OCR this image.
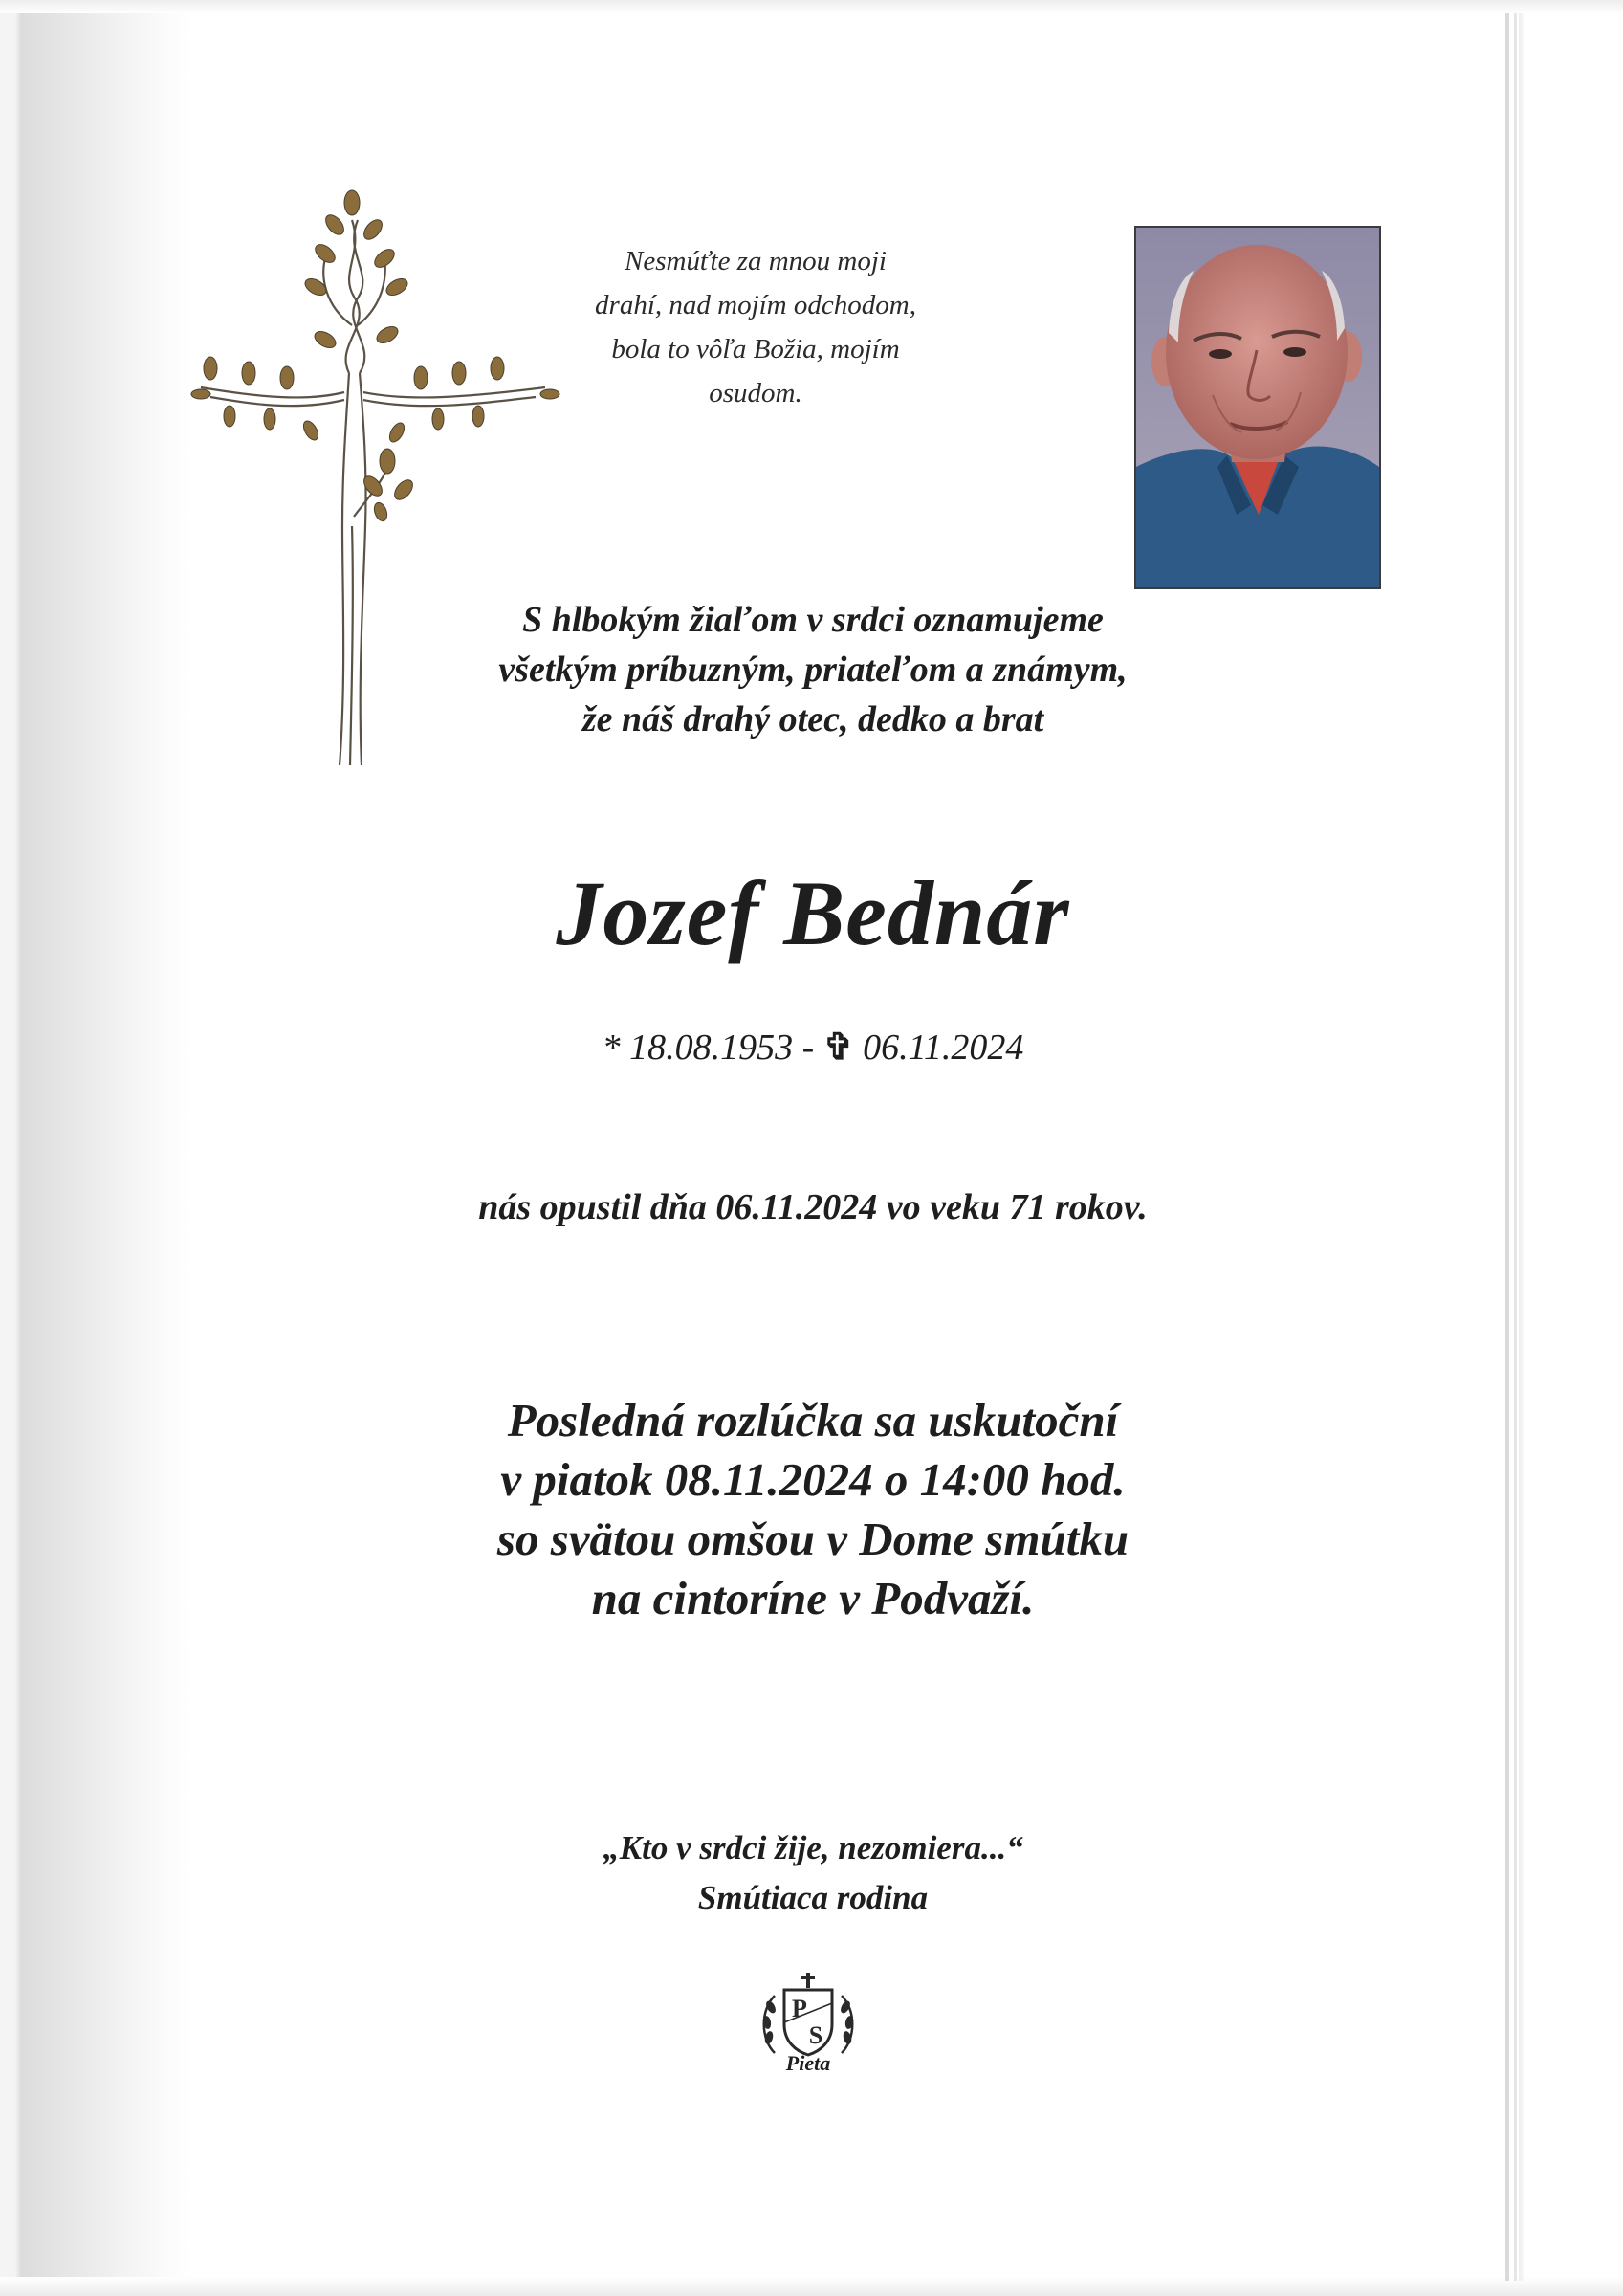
Nesmúťte za mnou moji
drahí, nad mojím odchodom,
bola to vôľa Božia, mojím
osudom.
S hlbokým žiaľom v srdci oznamujeme
všetkým príbuzným, priateľom a známym,
že náš drahý otec, dedko a brat
Jozef Bednár
* 18.08.1953 - ✞ 06.11.2024
nás opustil dňa 06.11.2024 vo veku 71 rokov.
Posledná rozlúčka sa uskutoční
v piatok 08.11.2024 o 14:00 hod.
so svätou omšou v Dome smútku
na cintoríne v Podvaží.
„Kto v srdci žije, nezomiera...“
Smútiaca rodina
P
S
Pieta
